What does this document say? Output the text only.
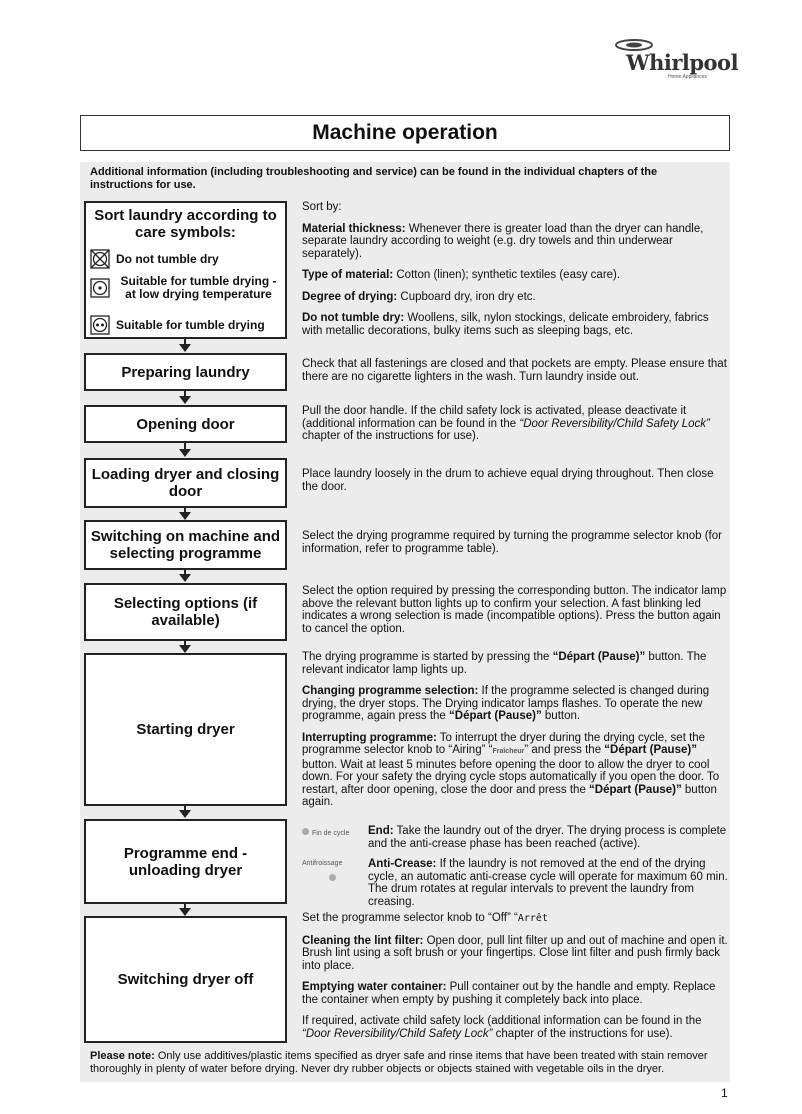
Whirlpool
Home Appliances
Machine operation
Additional information (including troubleshooting and service) can be found in the individual chapters of the instructions for use.
Sort laundry according to care symbols:
Do not tumble dry
Suitable for tumble drying - at low drying temperature
Suitable for tumble drying
Preparing laundry
Opening door
Loading dryer and closing door
Switching on machine and selecting programme
Selecting options (if available)
Starting dryer
Programme end - unloading dryer
Switching dryer off

Sort by:

Material thickness: Whenever there is greater load than the dryer can handle, separate laundry according to weight (e.g. dry towels and thin underwear separately).

Type of material: Cotton (linen); synthetic textiles (easy care).

Degree of drying: Cupboard dry, iron dry etc.

Do not tumble dry: Woollens, silk, nylon stockings, delicate embroidery, fabrics with metallic decorations, bulky items such as sleeping bags, etc.

Check that all fastenings are closed and that pockets are empty. Please ensure that there are no cigarette lighters in the wash. Turn laundry inside out.

Pull the door handle. If the child safety lock is activated, please deactivate it (additional information can be found in the “Door Reversibility/Child Safety Lock” chapter of the instructions for use).

Place laundry loosely in the drum to achieve equal drying throughout. Then close the door.

Select the drying programme required by turning the programme selector knob (for information, refer to programme table).

Select the option required by pressing the corresponding button. The indicator lamp above the relevant button lights up to confirm your selection. A fast blinking led indicates a wrong selection is made (incompatible options). Press the button again to cancel the option.

The drying programme is started by pressing the “Départ (Pause)” button. The relevant indicator lamp lights up.

Changing programme selection: If the programme selected is changed during drying, the dryer stops. The Drying indicator lamps flashes. To operate the new programme, again press the “Départ (Pause)” button.

Interrupting programme: To interrupt the dryer during the drying cycle, set the programme selector knob to “Airing” “Fraîcheur” and press the “Départ (Pause)” button. Wait at least 5 minutes before opening the door to allow the dryer to cool down. For your safety the drying cycle stops automatically if you open the door. To restart, after door opening, close the door and press the “Départ (Pause)” button again.

Fin de cycle	End: Take the laundry out of the dryer. The drying process is complete and the anti-crease phase has been reached (active).
Antifroissage	Anti-Crease: If the laundry is not removed at the end of the drying cycle, an automatic anti-crease cycle will operate for maximum 60 min. The drum rotates at regular intervals to prevent the laundry from creasing.

Set the programme selector knob to “Off” “Arrêt

Cleaning the lint filter: Open door, pull lint filter up and out of machine and open it. Brush lint using a soft brush or your fingertips. Close lint filter and push firmly back into place.

Emptying water container: Pull container out by the handle and empty. Replace the container when empty by pushing it completely back into place.

If required, activate child safety lock (additional information can be found in the “Door Reversibility/Child Safety Lock” chapter of the instructions for use).

Please note: Only use additives/plastic items specified as dryer safe and rinse items that have been treated with stain remover thoroughly in plenty of water before drying. Never dry rubber objects or objects stained with vegetable oils in the dryer.
1
